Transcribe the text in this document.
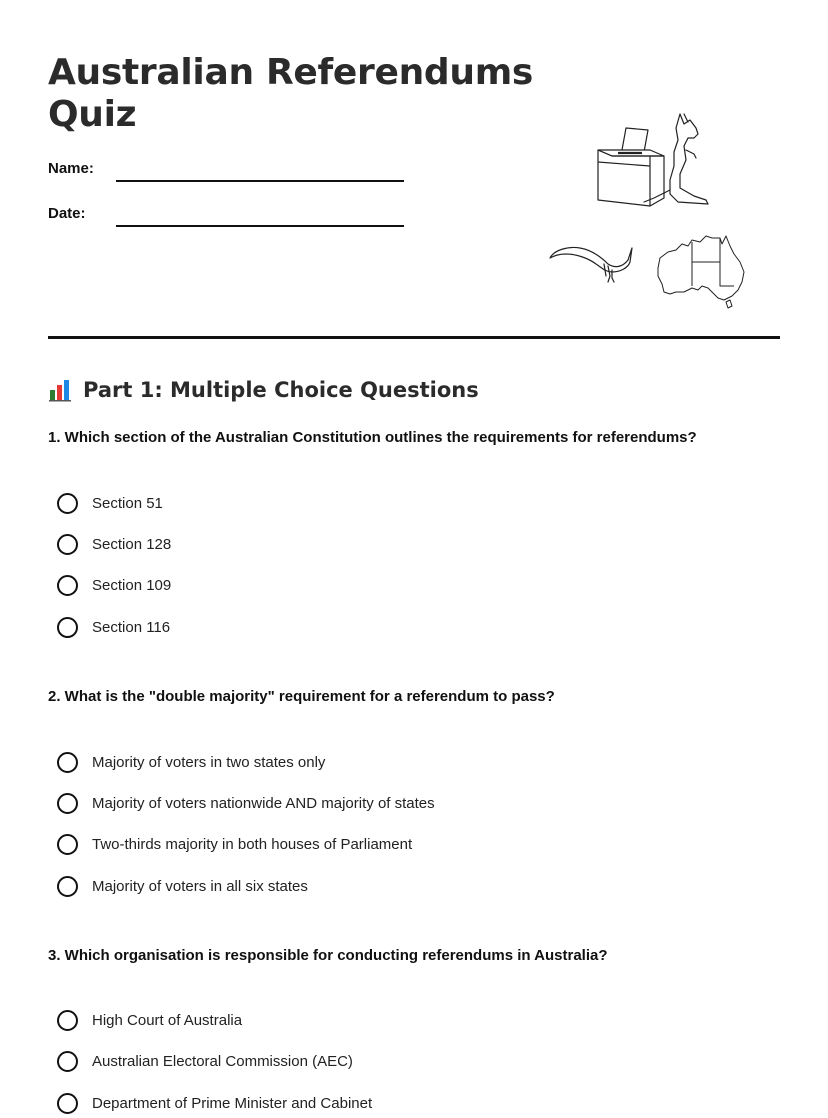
Australian Referendums
Quiz
Name:
Date:
Part 1: Multiple Choice Questions

1. Which section of the Australian Constitution outlines the requirements for referendums?

Section 51
Section 128
Section 109
Section 116

2. What is the "double majority" requirement for a referendum to pass?

Majority of voters in two states only
Majority of voters nationwide AND majority of states
Two-thirds majority in both houses of Parliament
Majority of voters in all six states

3. Which organisation is responsible for conducting referendums in Australia?

High Court of Australia
Australian Electoral Commission (AEC)
Department of Prime Minister and Cabinet
